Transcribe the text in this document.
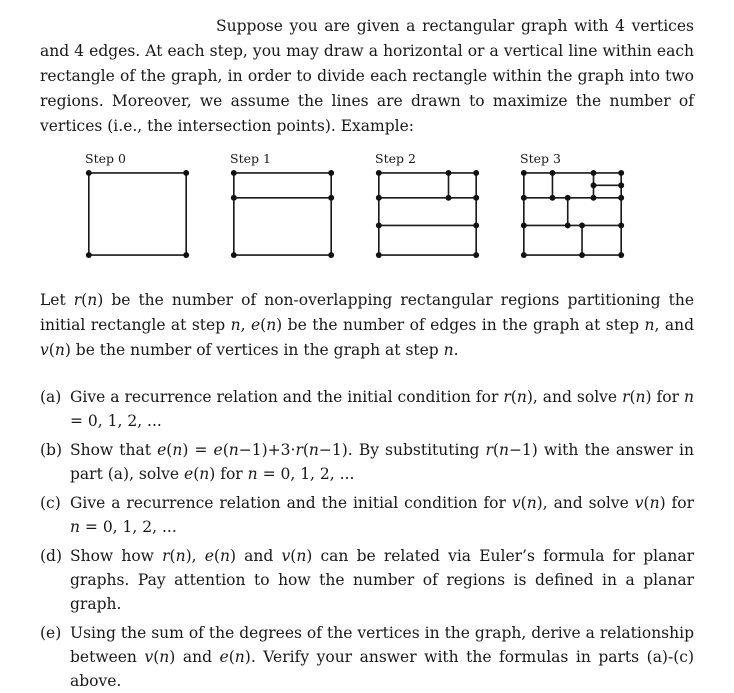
Suppose you are given a rectangular graph with 4 vertices and 4 edges. At each step, you may draw a horizontal or a vertical line within each rectangle of the graph, in order to divide each rectangle within the graph into two regions. Moreover, we assume the lines are drawn to maximize the number of vertices (i.e., the intersection points). Example:

Step 0	Step 1	Step 2	Step 3

Let r(n) be the number of non-overlapping rectangular regions partitioning the initial rectangle at step n, e(n) be the number of edges in the graph at step n, and v(n) be the number of vertices in the graph at step n.

(a) Give a recurrence relation and the initial condition for r(n), and solve r(n) for n = 0, 1, 2, ...
(b) Show that e(n) = e(n−1)+3·r(n−1). By substituting r(n−1) with the answer in part (a), solve e(n) for n = 0, 1, 2, ...
(c) Give a recurrence relation and the initial condition for v(n), and solve v(n) for n = 0, 1, 2, ...
(d) Show how r(n), e(n) and v(n) can be related via Euler’s formula for planar graphs. Pay attention to how the number of regions is defined in a planar graph.
(e) Using the sum of the degrees of the vertices in the graph, derive a relationship between v(n) and e(n). Verify your answer with the formulas in parts (a)-(c) above.
